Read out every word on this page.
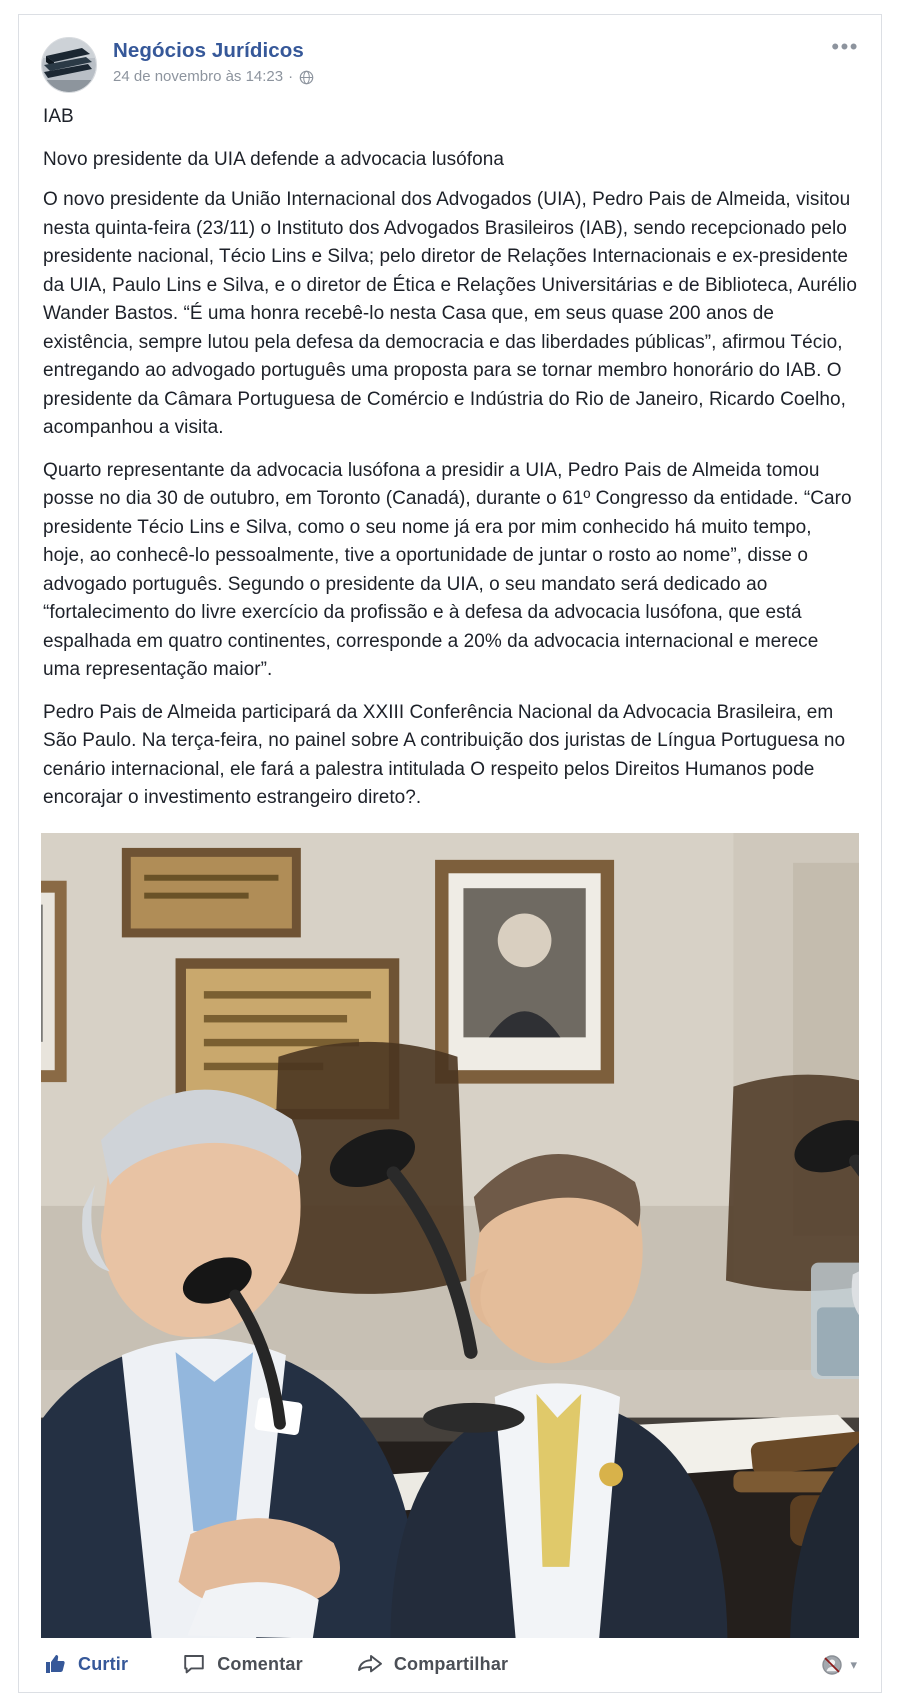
Negócios Jurídicos
24 de novembro às 14:23 ·
•••

IAB

Novo presidente da UIA defende a advocacia lusófona

O novo presidente da União Internacional dos Advogados (UIA), Pedro Pais de Almeida, visitou nesta quinta-feira (23/11) o Instituto dos Advogados Brasileiros (IAB), sendo recepcionado pelo presidente nacional, Técio Lins e Silva; pelo diretor de Relações Internacionais e ex-presidente da UIA, Paulo Lins e Silva, e o diretor de Ética e Relações Universitárias e de Biblioteca, Aurélio Wander Bastos. “É uma honra recebê-lo nesta Casa que, em seus quase 200 anos de existência, sempre lutou pela defesa da democracia e das liberdades públicas”, afirmou Técio, entregando ao advogado português uma proposta para se tornar membro honorário do IAB. O presidente da Câmara Portuguesa de Comércio e Indústria do Rio de Janeiro, Ricardo Coelho, acompanhou a visita.

Quarto representante da advocacia lusófona a presidir a UIA, Pedro Pais de Almeida tomou posse no dia 30 de outubro, em Toronto (Canadá), durante o 61º Congresso da entidade. “Caro presidente Técio Lins e Silva, como o seu nome já era por mim conhecido há muito tempo, hoje, ao conhecê-lo pessoalmente, tive a oportunidade de juntar o rosto ao nome”, disse o advogado português. Segundo o presidente da UIA, o seu mandato será dedicado ao “fortalecimento do livre exercício da profissão e à defesa da advocacia lusófona, que está espalhada em quatro continentes, corresponde a 20% da advocacia internacional e merece uma representação maior”.

Pedro Pais de Almeida participará da XXIII Conferência Nacional da Advocacia Brasileira, em São Paulo. Na terça-feira, no painel sobre A contribuição dos juristas de Língua Portuguesa no cenário internacional, ele fará a palestra intitulada O respeito pelos Direitos Humanos pode encorajar o investimento estrangeiro direto?.

Curtir	Comentar	Compartilhar	▾
